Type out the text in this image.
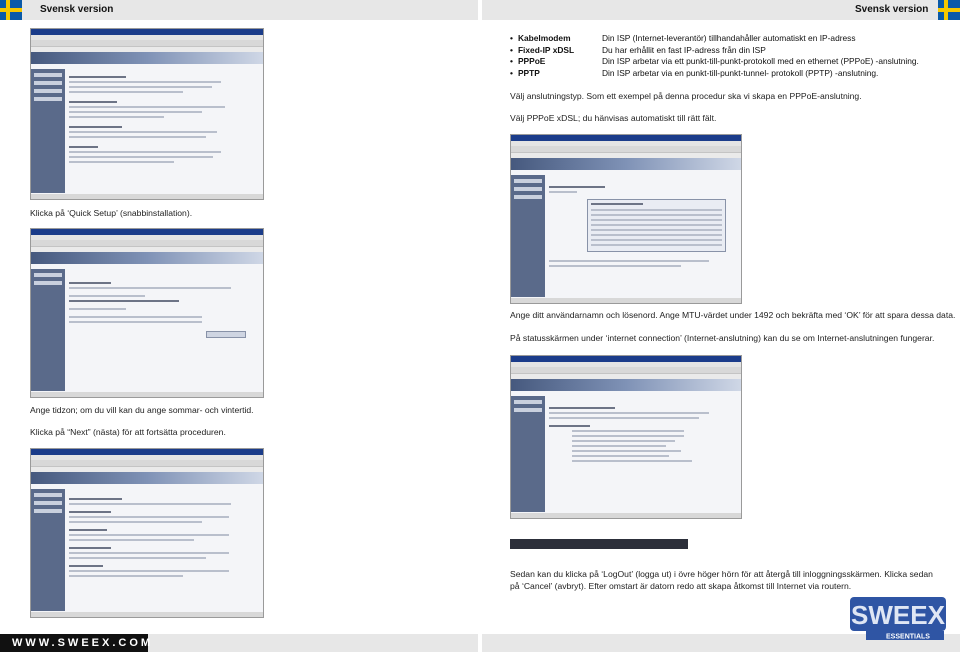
Svensk version	Svensk version
WWW.SWEEX.COM
Klicka på ‘Quick Setup’ (snabbinstallation).
Ange tidzon; om du vill kan du ange sommar- och vintertid.
Klicka på “Next” (nästa) för att fortsätta proceduren.
• Kabelmodem	Din ISP (Internet-leverantör) tillhandahåller automatiskt en IP-adress
• Fixed-IP xDSL	Du har erhållit en fast IP-adress från din ISP
• PPPoE	Din ISP arbetar via ett punkt-till-punkt-protokoll med en ethernet (PPPoE) -anslutning.
• PPTP	Din ISP arbetar via en punkt-till-punkt-tunnel- protokoll (PPTP) -anslutning.
Välj anslutningstyp. Som ett exempel på denna procedur ska vi skapa en PPPoE-anslutning.
Välj PPPoE xDSL; du hänvisas automatiskt till rätt fält.
Ange ditt användarnamn och lösenord. Ange MTU-värdet under 1492 och bekräfta med ‘OK’ för att spara dessa data.
På statusskärmen under ‘internet connection’ (Internet-anslutning) kan du se om Internet-anslutningen fungerar.
Sedan kan du klicka på ‘LogOut’ (logga ut) i övre höger hörn för att återgå till inloggningsskärmen. Klicka sedan på ‘Cancel’ (avbryt). Efter omstart är datorn redo att skapa åtkomst till Internet via routern.
SWEEX
ESSENTIALS
